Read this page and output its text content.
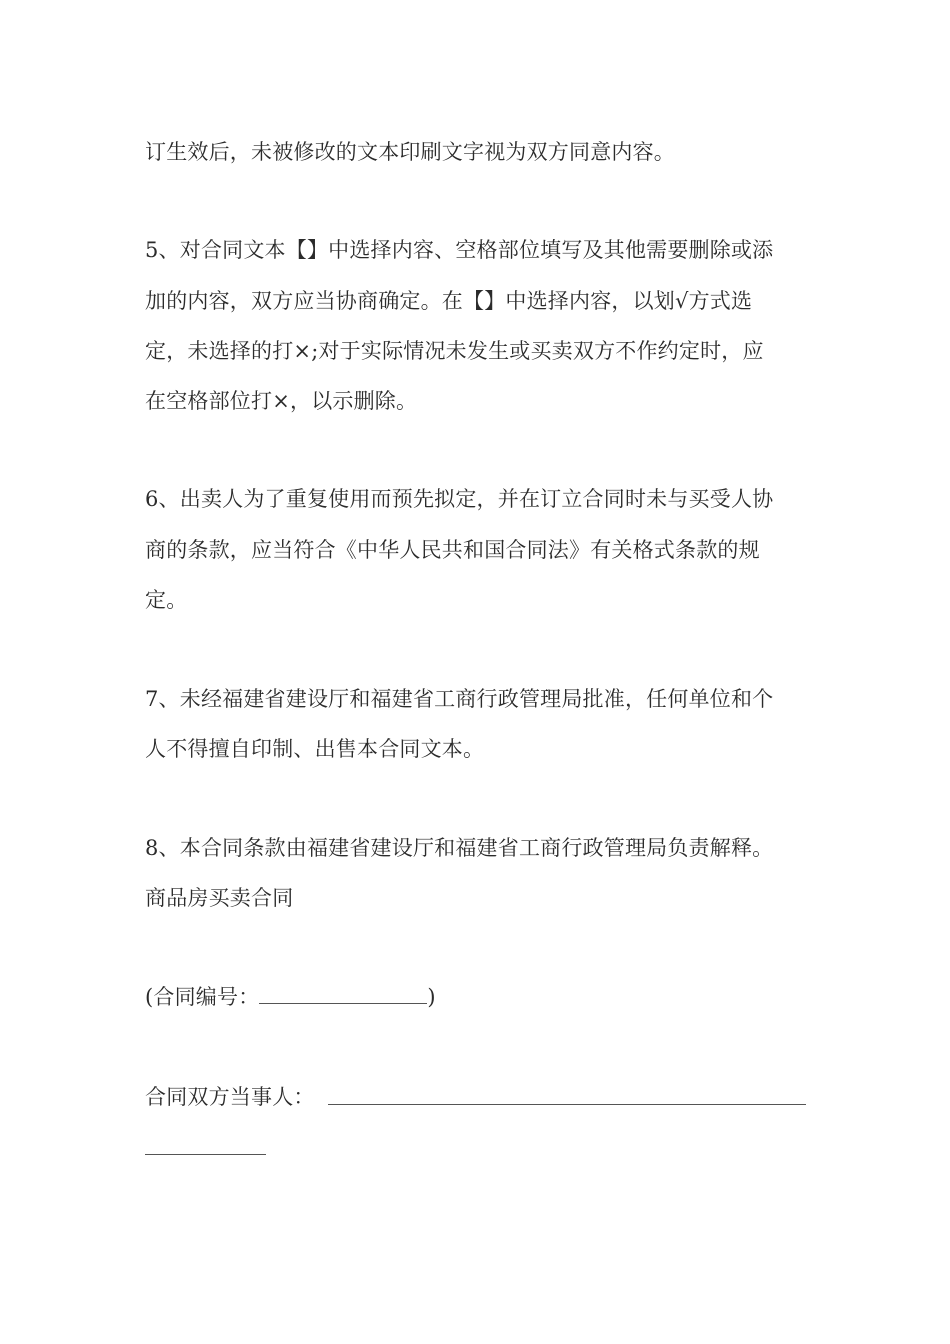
订生效后，未被修改的文本印刷文字视为双方同意内容。
5、对合同文本【】中选择内容、空格部位填写及其他需要删除或添
加的内容，双方应当协商确定。在【】中选择内容，以划√方式选
定，未选择的打×;对于实际情况未发生或买卖双方不作约定时，应
在空格部位打×，以示删除。
6、出卖人为了重复使用而预先拟定，并在订立合同时未与买受人协
商的条款，应当符合《中华人民共和国合同法》有关格式条款的规
定。
7、未经福建省建设厅和福建省工商行政管理局批准，任何单位和个
人不得擅自印制、出售本合同文本。
8、本合同条款由福建省建设厅和福建省工商行政管理局负责解释。
商品房买卖合同
(合同编号：	)
合同双方当事人：
